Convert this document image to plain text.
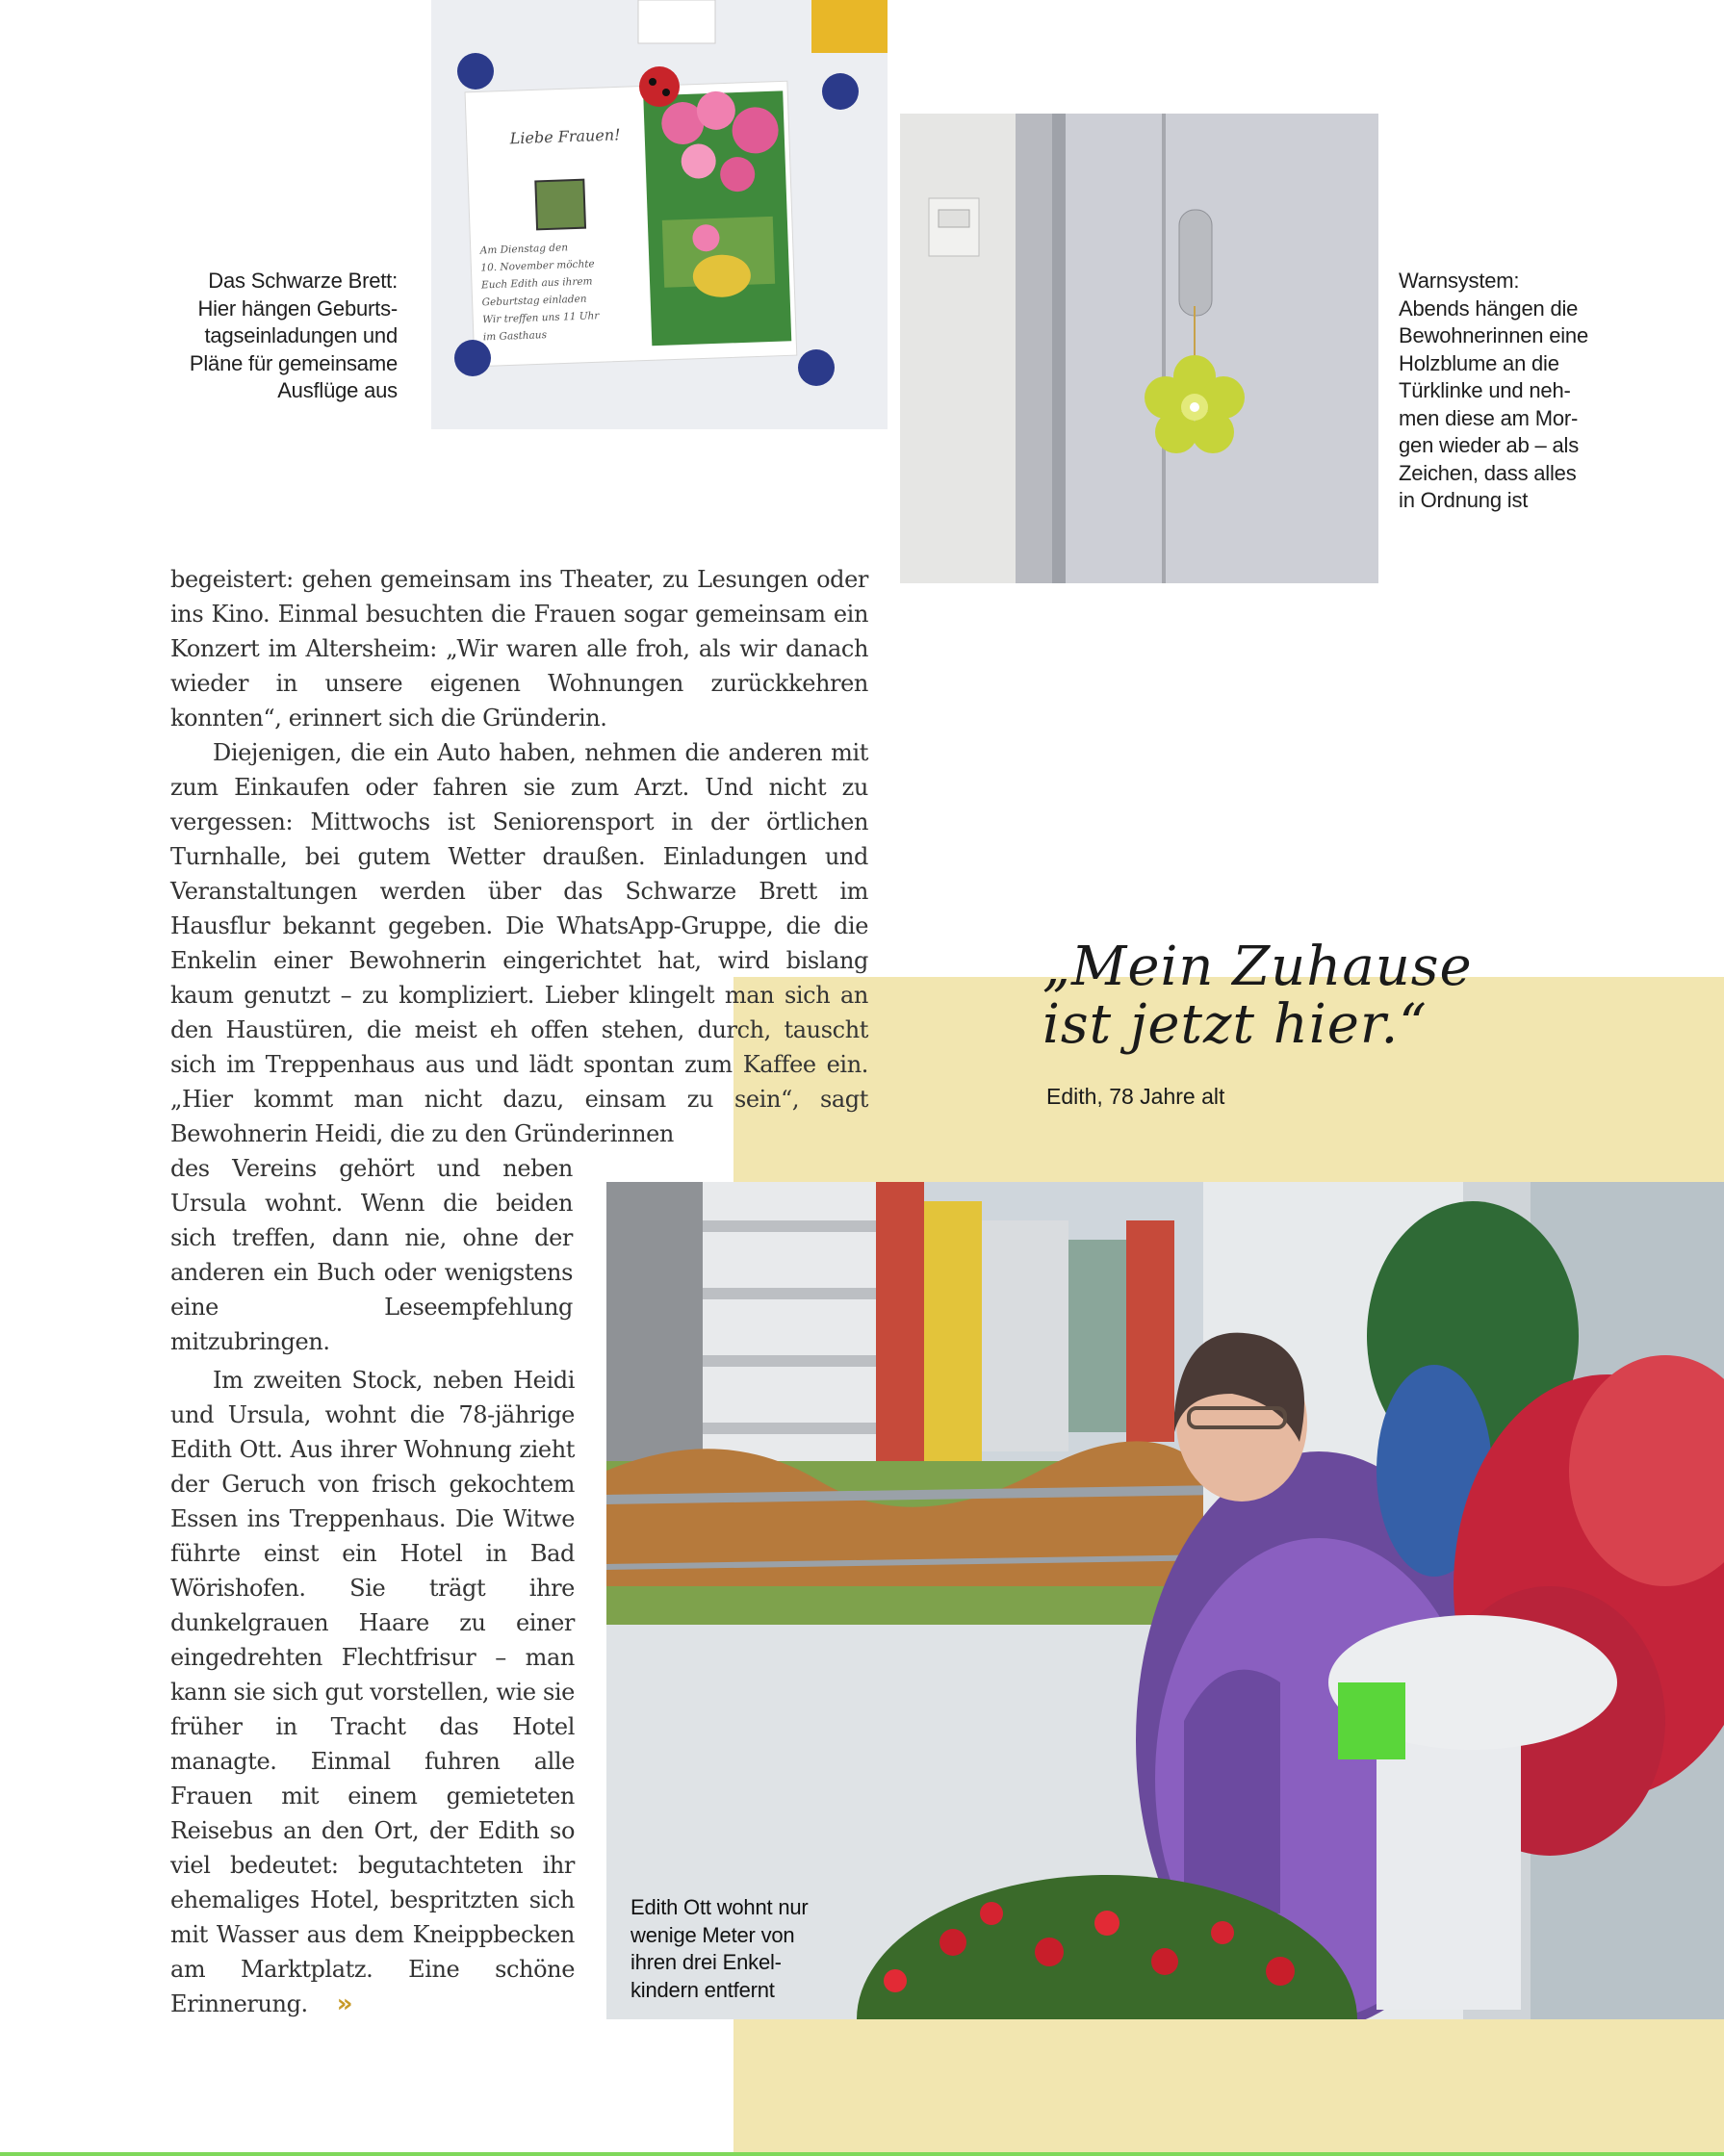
Liebe Frauen!
Am Dienstag den
10. November möchte
Euch Edith aus ihrem
Geburtstag einladen
Wir treffen uns 11 Uhr
im Gasthaus
Das Schwarze Brett:
Hier hängen Geburts-
tagseinladungen und
Pläne für gemeinsame
Ausflüge aus
Warnsystem:
Abends hängen die
Bewohnerinnen eine
Holzblume an die
Türklinke und neh-
men diese am Mor-
gen wieder ab – als
Zeichen, dass alles
in Ordnung ist
Edith Ott wohnt nur
wenige Meter von
ihren drei Enkel-
kindern entfernt

begeistert: gehen gemeinsam ins Theater, zu Lesungen oder ins Kino. Einmal besuchten die Frauen sogar gemeinsam ein Konzert im Altersheim: „Wir waren alle froh, als wir danach wieder in unsere eigenen Wohnungen zurückkehren konnten“, erinnert sich die Gründerin.

Diejenigen, die ein Auto haben, nehmen die anderen mit zum Einkaufen oder fahren sie zum Arzt. Und nicht zu vergessen: Mittwochs ist Seniorensport in der örtlichen Turnhalle, bei gutem Wetter draußen. Einladungen und Veranstaltungen werden über das Schwarze Brett im Hausflur bekannt gegeben. Die WhatsApp-Gruppe, die die Enkelin einer Bewohnerin eingerichtet hat, wird bislang kaum genutzt – zu kompliziert. Lieber klingelt man sich an den Haustüren, die meist eh offen stehen, durch, tauscht sich im Treppenhaus aus und lädt spontan zum Kaffee ein. „Hier kommt man nicht dazu, einsam zu sein“, sagt Bewohnerin Heidi, die zu den Gründerinnen

des Vereins gehört und neben Ursula wohnt. Wenn die beiden sich treffen, dann nie, ohne der anderen ein Buch oder wenigstens eine Leseempfehlung mitzubringen.

Im zweiten Stock, neben Heidi und Ursula, wohnt die 78-jährige Edith Ott. Aus ihrer Wohnung zieht der Geruch von frisch gekochtem Essen ins Treppenhaus. Die Witwe führte einst ein Hotel in Bad Wörishofen. Sie trägt ihre dunkelgrauen Haare zu einer eingedrehten Flechtfrisur – man kann sie sich gut vorstellen, wie sie früher in Tracht das Hotel managte. Einmal fuhren alle Frauen mit einem gemieteten Reisebus an den Ort, der Edith so viel bedeutet: begutachteten ihr ehemaliges Hotel, bespritzten sich mit Wasser aus dem Kneippbecken am Marktplatz. Eine schöne Erinnerung. »

„Mein Zuhause
ist jetzt hier.“
Edith, 78 Jahre alt
